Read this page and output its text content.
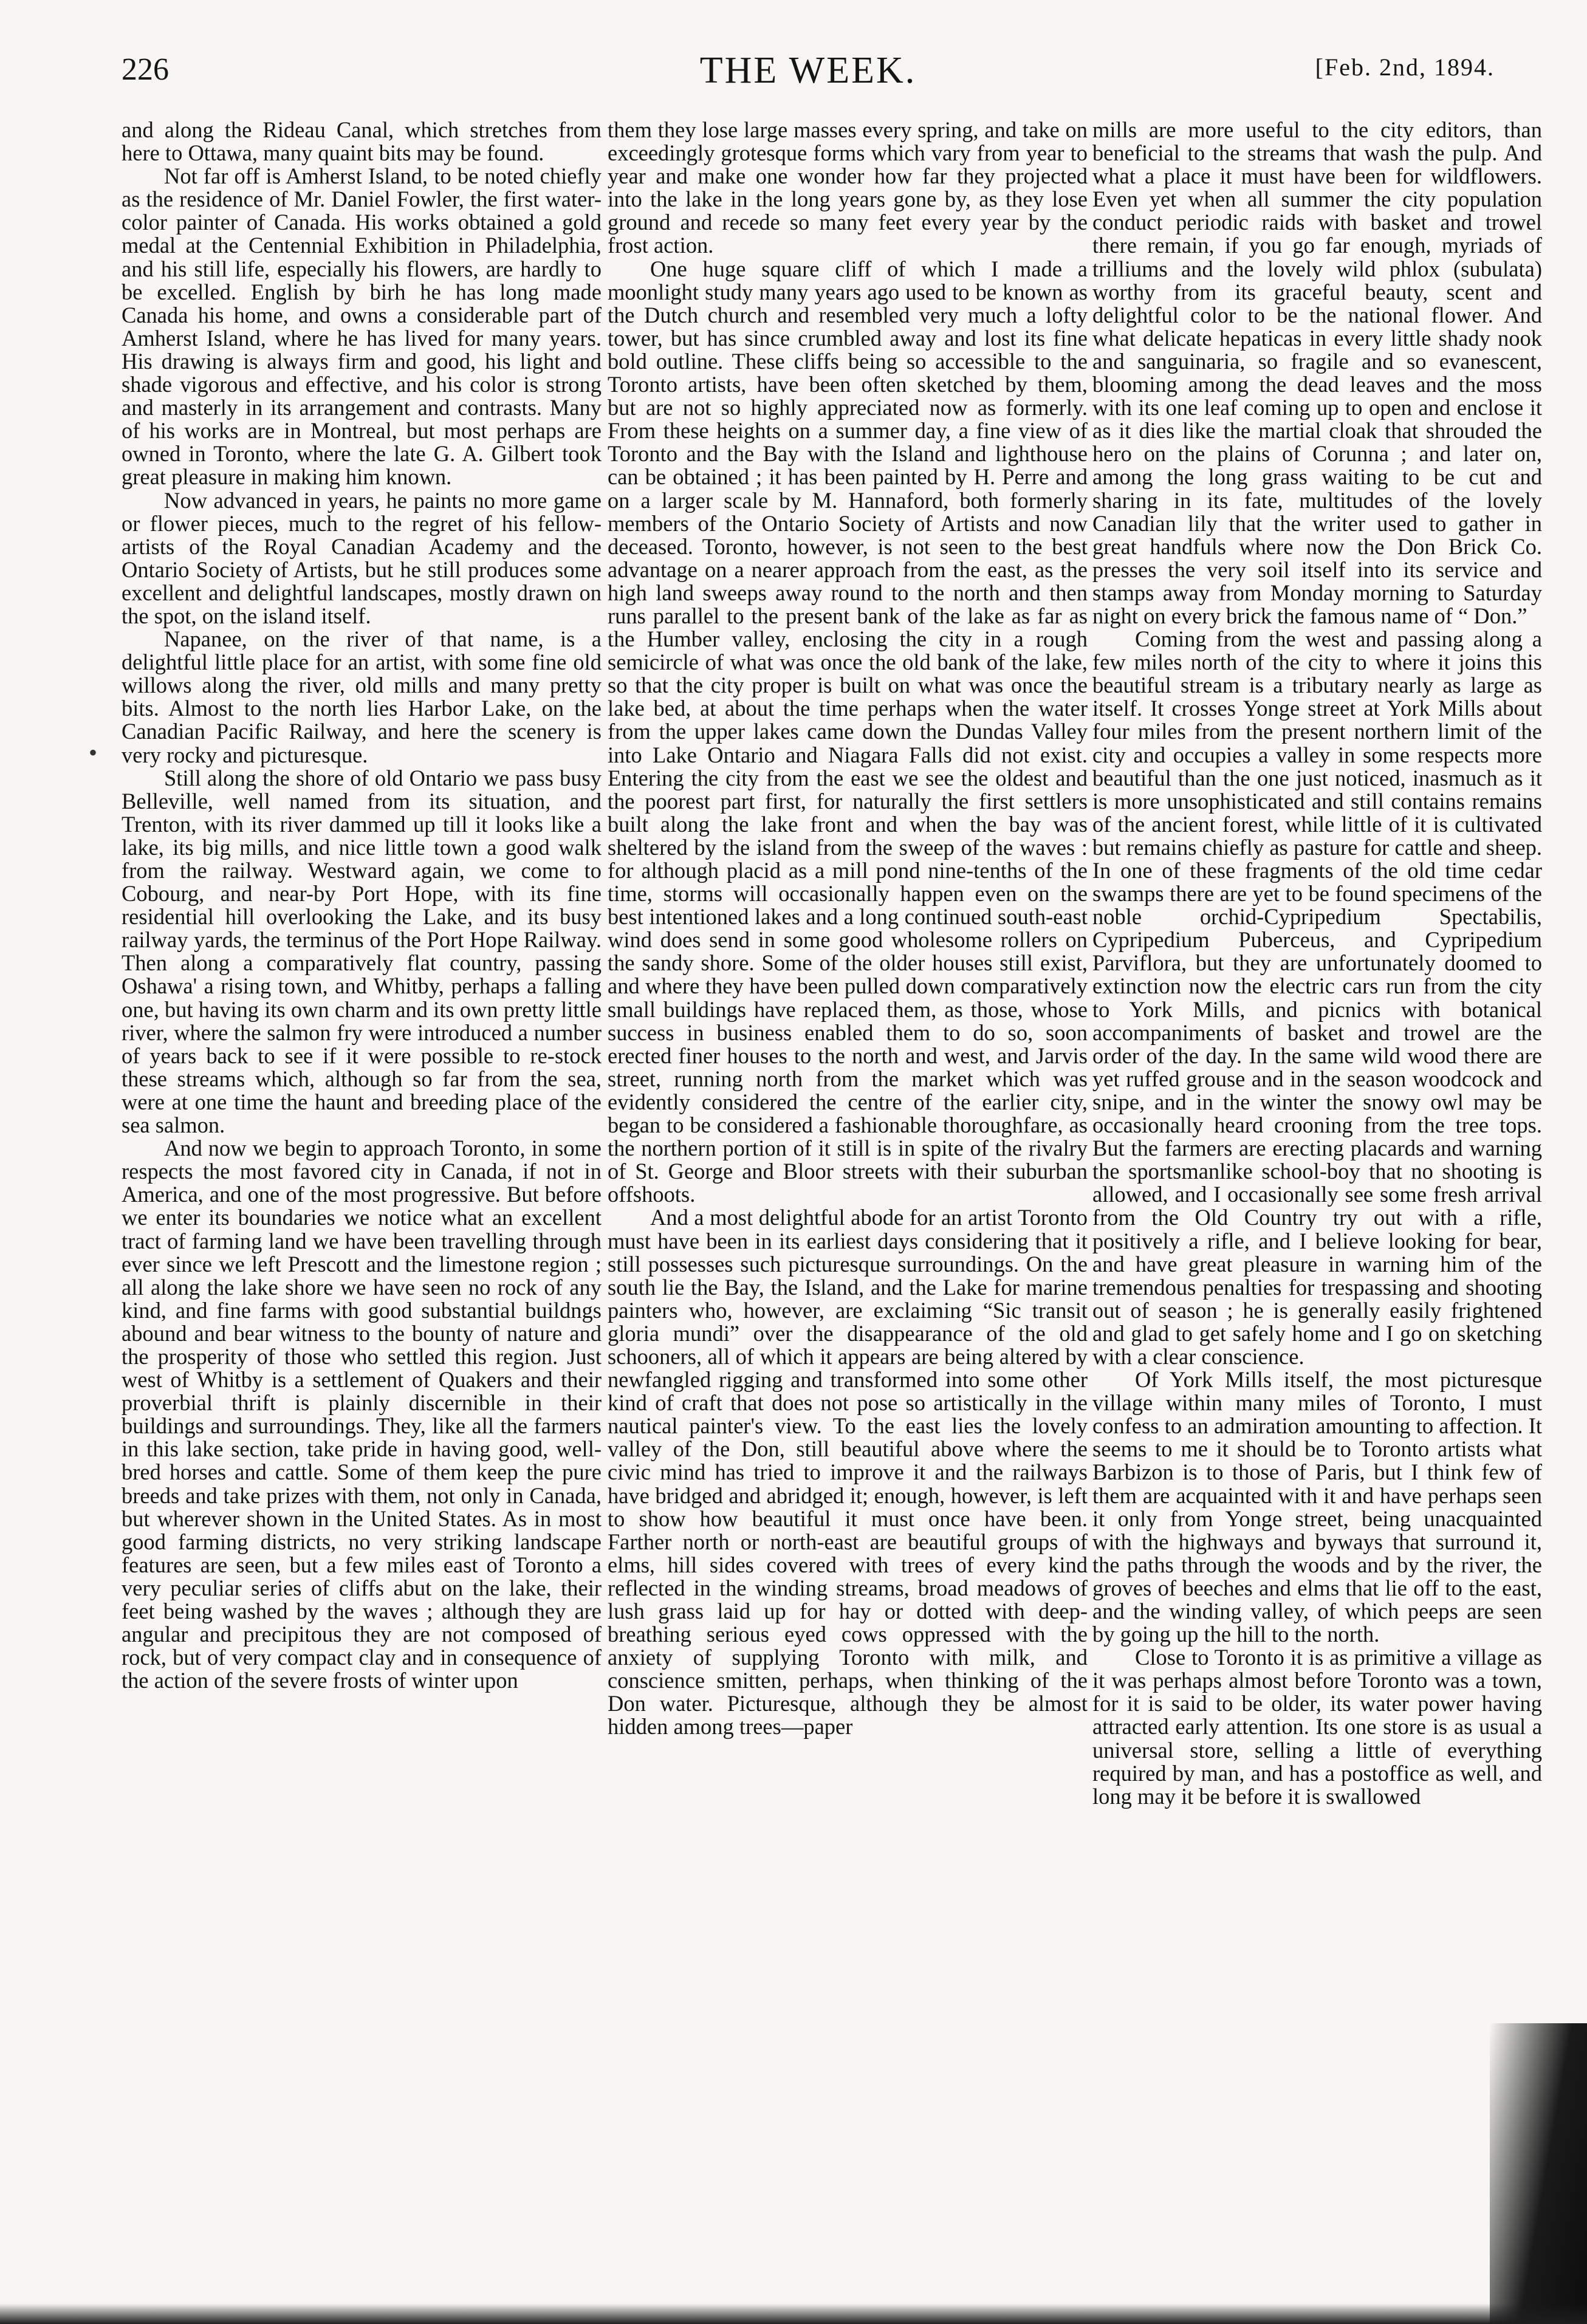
226	THE WEEK.	[Feb. 2nd, 1894.
•

and along the Rideau Canal, which stretches from here to Ottawa, many quaint bits may be found.

Not far off is Amherst Island, to be noted chiefly as the residence of Mr. Daniel Fowler, the first water-color painter of Canada. His works obtained a gold medal at the Centennial Exhibition in Philadelphia, and his still life, especially his flowers, are hardly to be excelled. English by birh he has long made Canada his home, and owns a considerable part of Amherst Island, where he has lived for many years. His drawing is always firm and good, his light and shade vigorous and effective, and his color is strong and masterly in its arrangement and contrasts. Many of his works are in Montreal, but most perhaps are owned in Toronto, where the late G. A. Gilbert took great pleasure in making him known.

Now advanced in years, he paints no more game or flower pieces, much to the regret of his fellow-artists of the Royal Canadian Academy and the Ontario Society of Artists, but he still produces some excellent and delightful landscapes, mostly drawn on the spot, on the island itself.

Napanee, on the river of that name, is a delightful little place for an artist, with some fine old willows along the river, old mills and many pretty bits. Almost to the north lies Harbor Lake, on the Canadian Pacific Railway, and here the scenery is very rocky and picturesque.

Still along the shore of old Ontario we pass busy Belleville, well named from its situation, and Trenton, with its river dammed up till it looks like a lake, its big mills, and nice little town a good walk from the railway. Westward again, we come to Cobourg, and near-by Port Hope, with its fine residential hill overlooking the Lake, and its busy railway yards, the terminus of the Port Hope Railway. Then along a comparatively flat country, passing Oshawa' a rising town, and Whitby, perhaps a falling one, but having its own charm and its own pretty little river, where the salmon fry were introduced a number of years back to see if it were possible to re-stock these streams which, although so far from the sea, were at one time the haunt and breeding place of the sea salmon.

And now we begin to approach Toronto, in some respects the most favored city in Canada, if not in America, and one of the most progressive. But before we enter its boundaries we notice what an excellent tract of farming land we have been travelling through ever since we left Prescott and the limestone region ; all along the lake shore we have seen no rock of any kind, and fine farms with good substantial buildngs abound and bear witness to the bounty of nature and the prosperity of those who settled this region. Just west of Whitby is a settlement of Quakers and their proverbial thrift is plainly discernible in their buildings and surroundings. They, like all the farmers in this lake section, take pride in having good, well-bred horses and cattle. Some of them keep the pure breeds and take prizes with them, not only in Canada, but wherever shown in the United States. As in most good farming districts, no very striking landscape features are seen, but a few miles east of Toronto a very peculiar series of cliffs abut on the lake, their feet being washed by the waves ; although they are angular and precipitous they are not composed of rock, but of very compact clay and in consequence of the action of the severe frosts of winter upon

them they lose large masses every spring, and take on exceedingly grotesque forms which vary from year to year and make one wonder how far they projected into the lake in the long years gone by, as they lose ground and recede so many feet every year by the frost action.

One huge square cliff of which I made a moonlight study many years ago used to be known as the Dutch church and resembled very much a lofty tower, but has since crumbled away and lost its fine bold outline. These cliffs being so accessible to the Toronto artists, have been often sketched by them, but are not so highly appreciated now as formerly. From these heights on a summer day, a fine view of Toronto and the Bay with the Island and lighthouse can be obtained ; it has been painted by H. Perre and on a larger scale by M. Hannaford, both formerly members of the Ontario Society of Artists and now deceased. Toronto, however, is not seen to the best advantage on a nearer approach from the east, as the high land sweeps away round to the north and then runs parallel to the present bank of the lake as far as the Humber valley, enclosing the city in a rough semicircle of what was once the old bank of the lake, so that the city proper is built on what was once the lake bed, at about the time perhaps when the water from the upper lakes came down the Dundas Valley into Lake Ontario and Niagara Falls did not exist. Entering the city from the east we see the oldest and the poorest part first, for naturally the first settlers built along the lake front and when the bay was sheltered by the island from the sweep of the waves : for although placid as a mill pond nine-tenths of the time, storms will occasionally happen even on the best intentioned lakes and a long continued south-east wind does send in some good wholesome rollers on the sandy shore. Some of the older houses still exist, and where they have been pulled down comparatively small buildings have replaced them, as those, whose success in business enabled them to do so, soon erected finer houses to the north and west, and Jarvis street, running north from the market which was evidently considered the centre of the earlier city, began to be considered a fashionable thoroughfare, as the northern portion of it still is in spite of the rivalry of St. George and Bloor streets with their suburban offshoots.

And a most delightful abode for an artist Toronto must have been in its earliest days considering that it still possesses such picturesque surroundings. On the south lie the Bay, the Island, and the Lake for marine painters who, however, are exclaiming “Sic transit gloria mundi” over the disappearance of the old schooners, all of which it appears are being altered by newfangled rigging and transformed into some other kind of craft that does not pose so artistically in the nautical painter's view. To the east lies the lovely valley of the Don, still beautiful above where the civic mind has tried to improve it and the railways have bridged and abridged it; enough, however, is left to show how beautiful it must once have been. Farther north or north-east are beautiful groups of elms, hill sides covered with trees of every kind reflected in the winding streams, broad meadows of lush grass laid up for hay or dotted with deep-breathing serious eyed cows oppressed with the anxiety of supplying Toronto with milk, and conscience smitten, perhaps, when thinking of the Don water. Picturesque, although they be almost hidden among trees—paper

mills are more useful to the city editors, than beneficial to the streams that wash the pulp. And what a place it must have been for wildflowers. Even yet when all summer the city population conduct periodic raids with basket and trowel there remain, if you go far enough, myriads of trilliums and the lovely wild phlox (subulata) worthy from its graceful beauty, scent and delightful color to be the national flower. And what delicate hepaticas in every little shady nook and sanguinaria, so fragile and so evanescent, blooming among the dead leaves and the moss with its one leaf coming up to open and enclose it as it dies like the martial cloak that shrouded the hero on the plains of Corunna ; and later on, among the long grass waiting to be cut and sharing in its fate, multitudes of the lovely Canadian lily that the writer used to gather in great handfuls where now the Don Brick Co. presses the very soil itself into its service and stamps away from Monday morning to Saturday night on every brick the famous name of “ Don.”

Coming from the west and passing along a few miles north of the city to where it joins this beautiful stream is a tributary nearly as large as itself. It crosses Yonge street at York Mills about four miles from the present northern limit of the city and occupies a valley in some respects more beautiful than the one just noticed, inasmuch as it is more unsophisticated and still contains remains of the ancient forest, while little of it is cultivated but remains chiefly as pasture for cattle and sheep. In one of these fragments of the old time cedar swamps there are yet to be found specimens of the noble orchid-Cypripedium Spectabilis, Cypripedium Puberceus, and Cypripedium Parviflora, but they are unfortunately doomed to extinction now the electric cars run from the city to York Mills, and picnics with botanical accompaniments of basket and trowel are the order of the day. In the same wild wood there are yet ruffed grouse and in the season woodcock and snipe, and in the winter the snowy owl may be occasionally heard crooning from the tree tops. But the farmers are erecting placards and warning the sportsmanlike school-boy that no shooting is allowed, and I occasionally see some fresh arrival from the Old Country try out with a rifle, positively a rifle, and I believe looking for bear, and have great pleasure in warning him of the tremendous penalties for trespassing and shooting out of season ; he is generally easily frightened and glad to get safely home and I go on sketching with a clear conscience.

Of York Mills itself, the most picturesque village within many miles of Toronto, I must confess to an admiration amounting to affection. It seems to me it should be to Toronto artists what Barbizon is to those of Paris, but I think few of them are acquainted with it and have perhaps seen it only from Yonge street, being unacquainted with the highways and byways that surround it, the paths through the woods and by the river, the groves of beeches and elms that lie off to the east, and the winding valley, of which peeps are seen by going up the hill to the north.

Close to Toronto it is as primitive a village as it was perhaps almost before Toronto was a town, for it is said to be older, its water power having attracted early attention. Its one store is as usual a universal store, selling a little of everything required by man, and has a postoffice as well, and long may it be before it is swallowed
